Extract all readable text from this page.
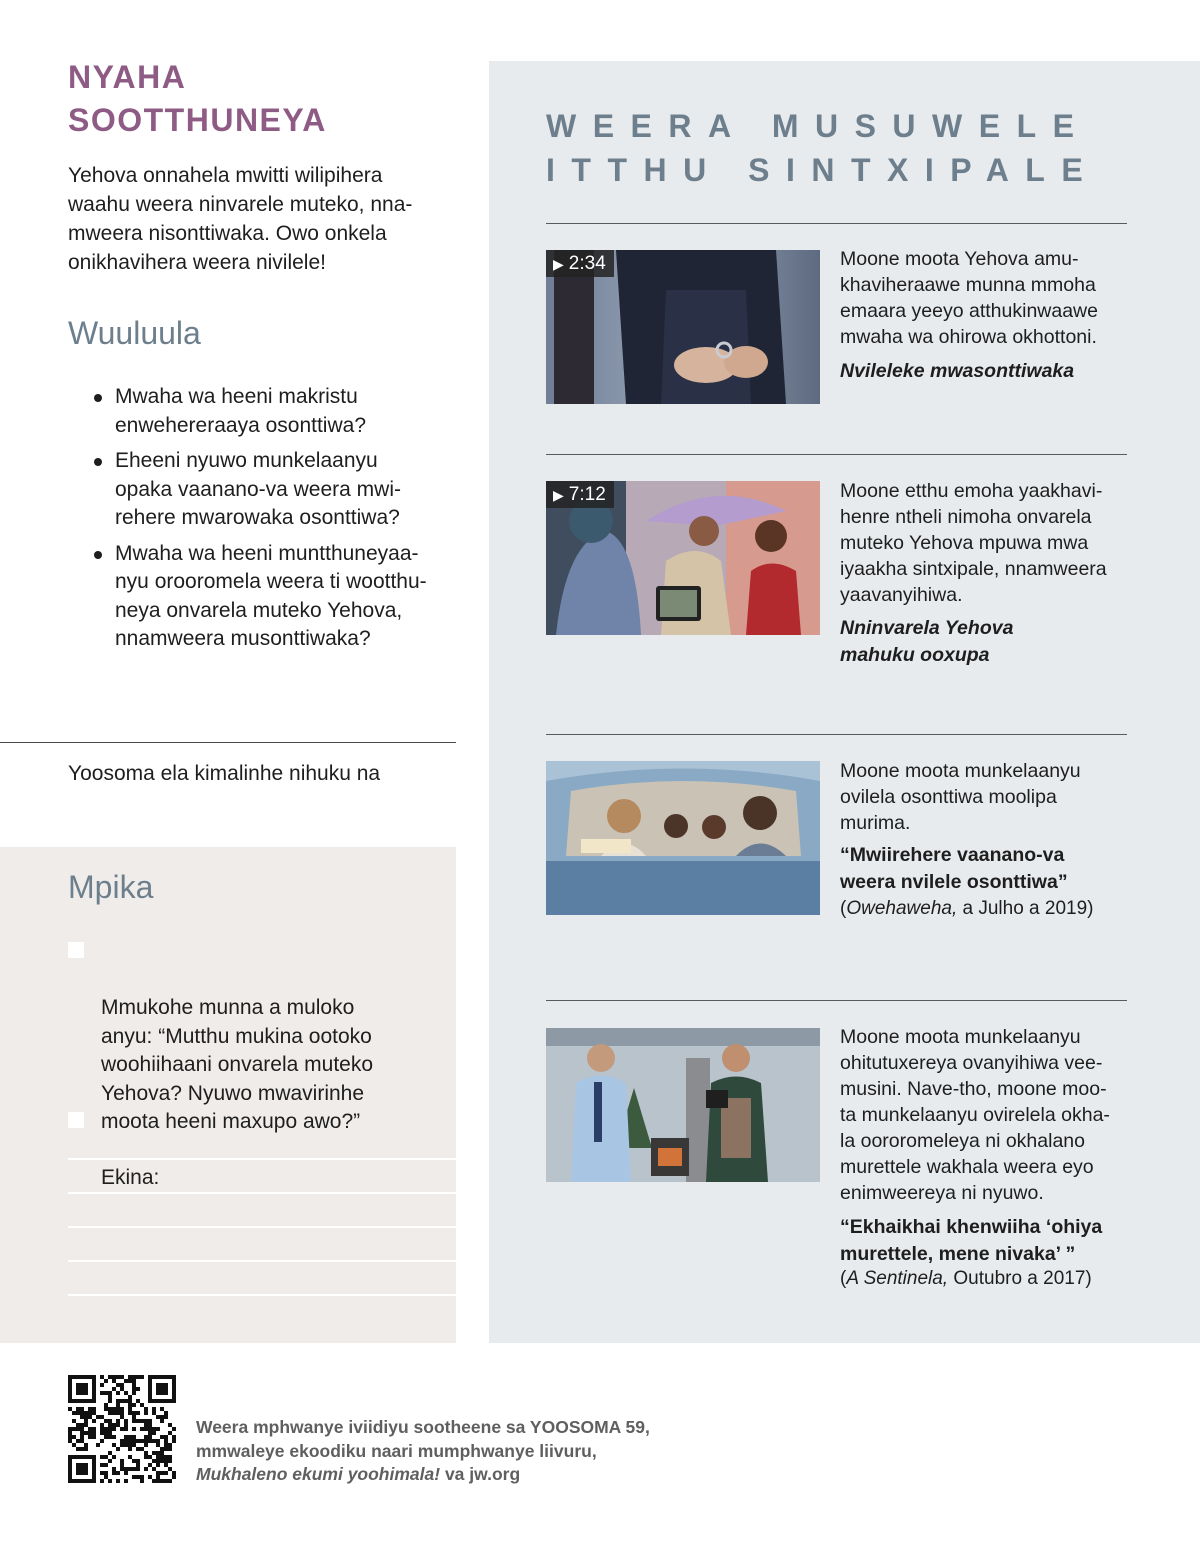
NYAHA
SOOTTHUNEYA
Yehova onnahela mwitti wilipihera
waahu weera ninvarele muteko, nna-
mweera nisonttiwaka. Owo onkela
onikhavihera weera nivilele!
Wuuluula
Mwaha wa heeni makristu
enwehereraaya osonttiwa?
Eheeni nyuwo munkelaanyu
opaka vaanano-va weera mwi-
rehere mwarowaka osonttiwa?
Mwaha wa heeni muntthuneyaa-
nyu orooromela weera ti wootthu-
neya onvarela muteko Yehova,
nnamweera musonttiwaka?
Yoosoma ela kimalinhe nihuku na
Mpika

Mmukohe munna a muloko
anyu: “Mutthu mukina ootoko
woohiihaani onvarela muteko
Yehova? Nyuwo mwavirinhe
moota heeni maxupo awo?”

Ekina:

WEERA MUSUWELE
ITTHU SINTXIPALE
▶ 2:34	Moone moota Yehova amu-
khaviheraawe munna mmoha
emaara yeeyo atthukinwaawe
mwaha wa ohirowa okhottoni.
Nvileleke mwasonttiwaka
▶ 7:12	Moone etthu emoha yaakhavi-
henre ntheli nimoha onvarela
muteko Yehova mpuwa mwa
iyaakha sintxipale, nnamweera
yaavanyihiwa.
Nninvarela Yehova
mahuku ooxupa
Moone moota munkelaanyu
ovilela osonttiwa moolipa
murima.
“Mwiirehere vaanano-va
weera nvilele osonttiwa”
(Owehaweha, a Julho a 2019)
Moone moota munkelaanyu
ohitutuxereya ovanyihiwa vee-
musini. Nave-tho, moone moo-
ta munkelaanyu ovirelela okha-
la oororomeleya ni okhalano
murettele wakhala weera eyo
enimweereya ni nyuwo.
“Ekhaikhai khenwiiha ‘ohiya
murettele, mene nivaka’ ”
(A Sentinela, Outubro a 2017)
Weera mphwanye iviidiyu sootheene sa YOOSOMA 59,
mmwaleye ekoodiku naari mumphwanye liivuru,
Mukhaleno ekumi yoohimala! va jw.org
